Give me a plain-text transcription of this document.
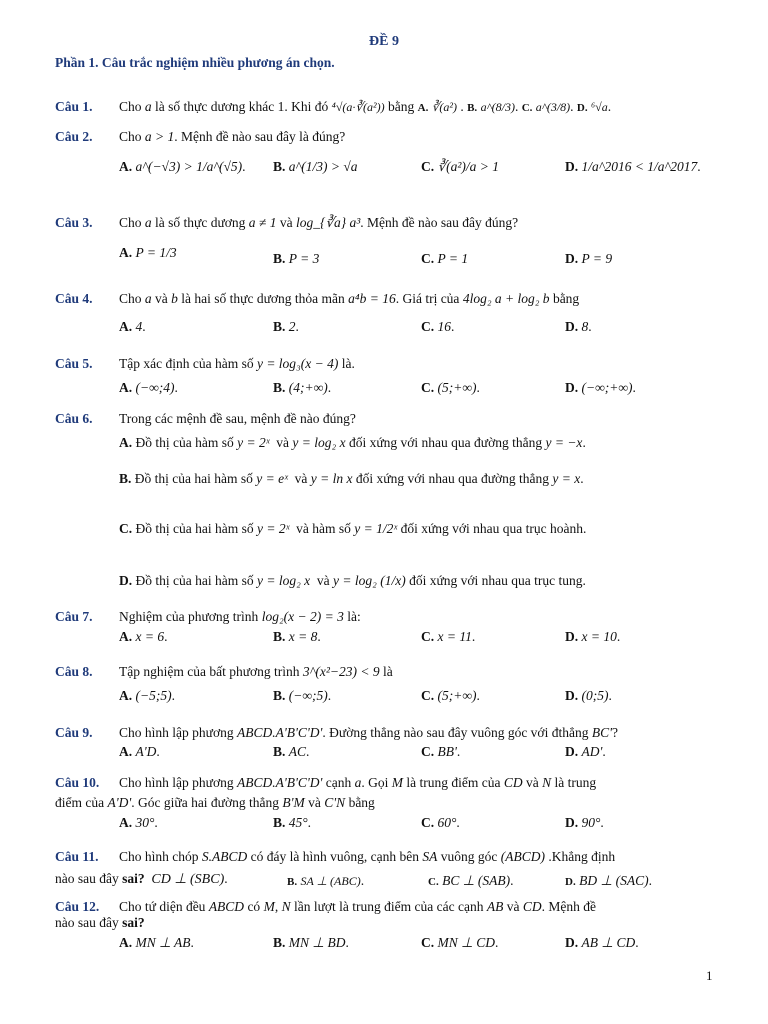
ĐỀ 9
Phần 1. Câu trắc nghiệm nhiều phương án chọn.
Câu 1. Cho a là số thực dương khác 1. Khi đó ⁴√(a·∛(a²)) bằng A. ∛(a²) . B. a^(8/3). C. a^(3/8). D. ⁶√a.
Câu 2. Cho a > 1. Mệnh đề nào sau đây là đúng?
A. a^(−√3) > 1/a^(√5). B. a^(1/3) > √a	C. ∛(a²)/a > 1	D. 1/a^2016 < 1/a^2017.
Câu 3. Cho a là số thực dương a ≠ 1 và log_{∛a} a³. Mệnh đề nào sau đây đúng?
A. P = 1/3	B. P = 3	C. P = 1	D. P = 9
Câu 4. Cho a và b là hai số thực dương thỏa mãn a⁴b = 16. Giá trị của 4log₂ a + log₂ b bằng
A. 4.	B. 2.	C. 16.	D. 8.
Câu 5. Tập xác định của hàm số y = log₃(x − 4) là.
A. (−∞;4).	B. (4;+∞).	C. (5;+∞).	D. (−∞;+∞).
Câu 6. Trong các mệnh đề sau, mệnh đề nào đúng?
A. Đồ thị của hàm số y = 2ˣ và y = log₂ x đối xứng với nhau qua đường thẳng y = −x.
B. Đồ thị của hai hàm số y = eˣ và y = ln x đối xứng với nhau qua đường thẳng y = x.
C. Đồ thị của hai hàm số y = 2ˣ và hàm số y = 1/2ˣ đối xứng với nhau qua trục hoành.
D. Đồ thị của hai hàm số y = log₂ x và y = log₂ (1/x) đối xứng với nhau qua trục tung.
Câu 7. Nghiệm của phương trình log₂(x − 2) = 3 là:
A. x = 6.	B. x = 8.	C. x = 11.	D. x = 10.
Câu 8. Tập nghiệm của bất phương trình 3^(x²−23) < 9 là
A. (−5;5).	B. (−∞;5).	C. (5;+∞).	D. (0;5).
Câu 9. Cho hình lập phương ABCD.A'B'C'D'. Đường thẳng nào sau đây vuông góc với đthẳng BC'?
A. A'D.	B. AC.	C. BB'.	D. AD'.
Câu 10. Cho hình lập phương ABCD.A'B'C'D' cạnh a. Gọi M là trung điểm của CD và N là trung
điểm của A'D'. Góc giữa hai đường thẳng B'M và C'N bằng
A. 30°.	B. 45°.	C. 60°.	D. 90°.
Câu 11. Cho hình chóp S.ABCD có đáy là hình vuông, cạnh bên SA vuông góc (ABCD) .Khẳng định
nào sau đây sai? CD ⊥ (SBC).	B. SA ⊥ (ABC).	C. BC ⊥ (SAB).	D. BD ⊥ (SAC).
Câu 12. Cho tứ diện đều ABCD có M, N lần lượt là trung điểm của các cạnh AB và CD. Mệnh đề
nào sau đây sai?
A. MN ⊥ AB.	B. MN ⊥ BD.	C. MN ⊥ CD.	D. AB ⊥ CD.
1
